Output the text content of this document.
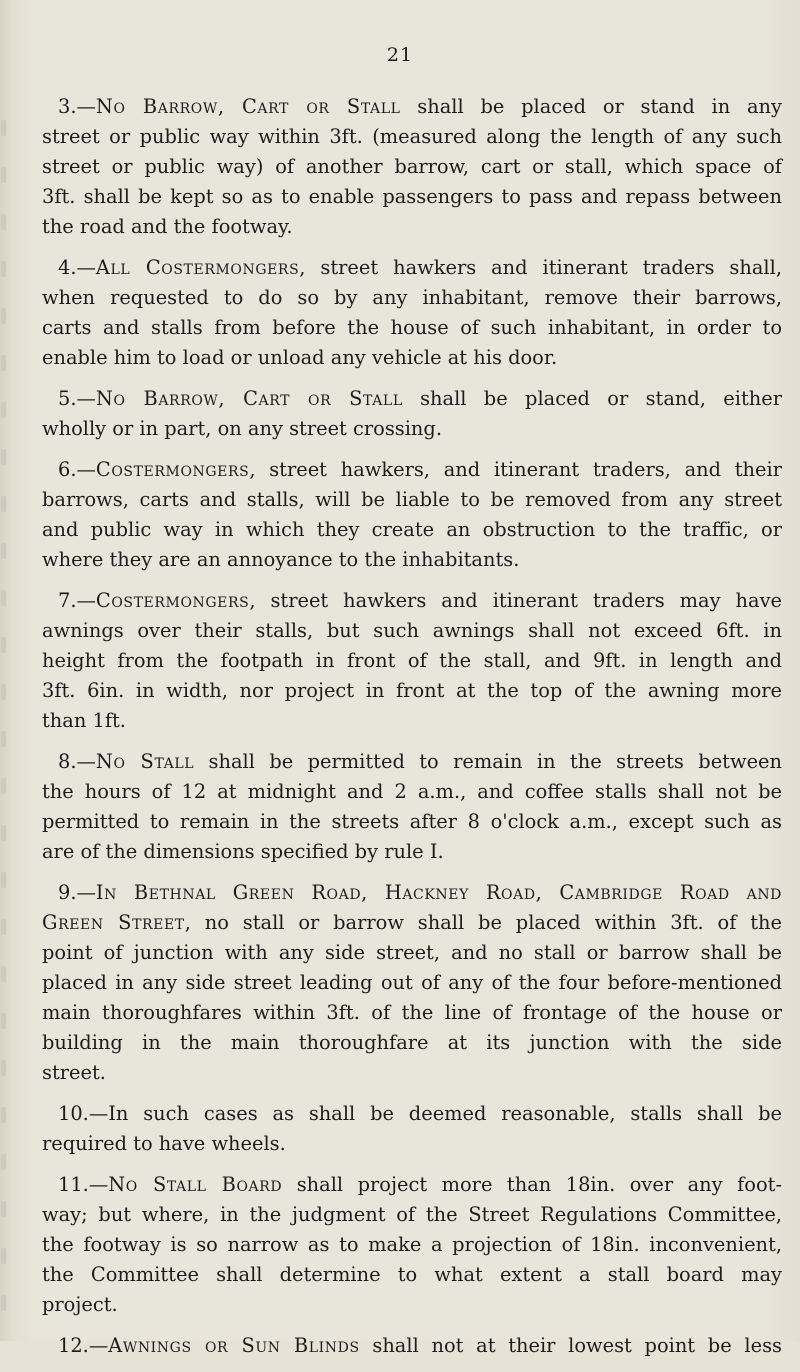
21
3.—No Barrow, Cart or Stall shall be placed or stand in any
street or public way within 3ft. (measured along the length of any such
street or public way) of another barrow, cart or stall, which space of
3ft. shall be kept so as to enable passengers to pass and repass between
the road and the footway.
4.—All Costermongers, street hawkers and itinerant traders shall,
when requested to do so by any inhabitant, remove their barrows,
carts and stalls from before the house of such inhabitant, in order to
enable him to load or unload any vehicle at his door.
5.—No Barrow, Cart or Stall shall be placed or stand, either
wholly or in part, on any street crossing.
6.—Costermongers, street hawkers, and itinerant traders, and their
barrows, carts and stalls, will be liable to be removed from any street
and public way in which they create an obstruction to the traffic, or
where they are an annoyance to the inhabitants.
7.—Costermongers, street hawkers and itinerant traders may have
awnings over their stalls, but such awnings shall not exceed 6ft. in
height from the footpath in front of the stall, and 9ft. in length and
3ft. 6in. in width, nor project in front at the top of the awning more
than 1ft.
8.—No Stall shall be permitted to remain in the streets between
the hours of 12 at midnight and 2 a.m., and coffee stalls shall not be
permitted to remain in the streets after 8 o'clock a.m., except such as
are of the dimensions specified by rule I.
9.—In Bethnal Green Road, Hackney Road, Cambridge Road and
Green Street, no stall or barrow shall be placed within 3ft. of the
point of junction with any side street, and no stall or barrow shall be
placed in any side street leading out of any of the four before-mentioned
main thoroughfares within 3ft. of the line of frontage of the house or
building in the main thoroughfare at its junction with the side
street.
10.—In such cases as shall be deemed reasonable, stalls shall be
required to have wheels.
11.—No Stall Board shall project more than 18in. over any foot-
way; but where, in the judgment of the Street Regulations Committee,
the footway is so narrow as to make a projection of 18in. inconvenient,
the Committee shall determine to what extent a stall board may
project.
12.—Awnings or Sun Blinds shall not at their lowest point be less
